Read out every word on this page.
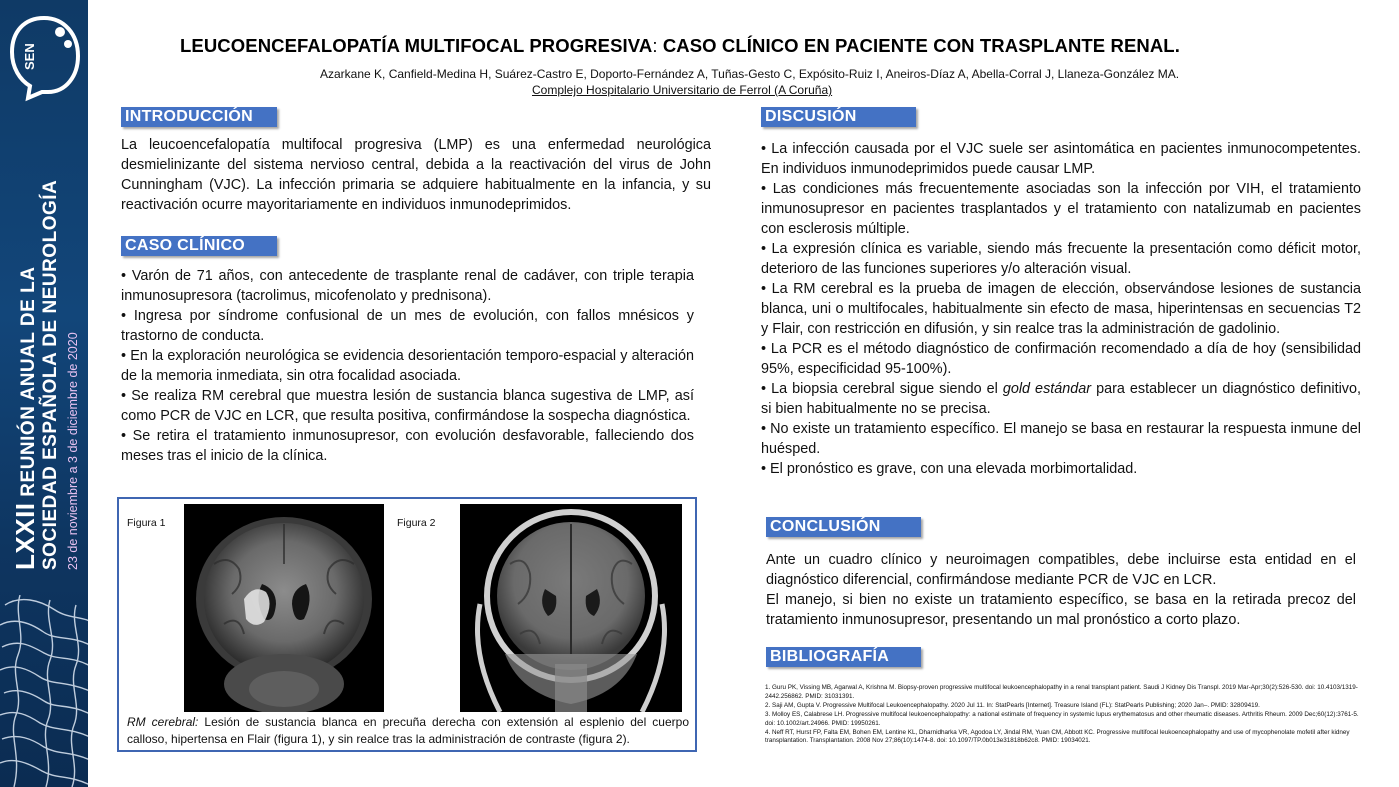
SEN
LXXII REUNIÓN ANUAL DE LA SOCIEDAD ESPAÑOLA DE NEUROLOGÍA 23 de noviembre a 3 de diciembre de 2020
LEUCOENCEFALOPATÍA MULTIFOCAL PROGRESIVA: CASO CLÍNICO EN PACIENTE CON TRASPLANTE RENAL.
Azarkane K, Canfield-Medina H, Suárez-Castro E, Doporto-Fernández A, Tuñas-Gesto C, Expósito-Ruiz I, Aneiros-Díaz A, Abella-Corral J, Llaneza-González MA.
Complejo Hospitalario Universitario de Ferrol (A Coruña)
INTRODUCCIÓN

La leucoencefalopatía multifocal progresiva (LMP) es una enfermedad neurológica desmielinizante del sistema nervioso central, debida a la reactivación del virus de John Cunningham (VJC). La infección primaria se adquiere habitualmente en la infancia, y su reactivación ocurre mayoritariamente en individuos inmunodeprimidos.

CASO CLÍNICO

• Varón de 71 años, con antecedente de trasplante renal de cadáver, con triple terapia inmunosupresora (tacrolimus, micofenolato y prednisona).

• Ingresa por síndrome confusional de un mes de evolución, con fallos mnésicos y trastorno de conducta.

• En la exploración neurológica se evidencia desorientación temporo-espacial y alteración de la memoria inmediata, sin otra focalidad asociada.

• Se realiza RM cerebral que muestra lesión de sustancia blanca sugestiva de LMP, así como PCR de VJC en LCR, que resulta positiva, confirmándose la sospecha diagnóstica.

• Se retira el tratamiento inmunosupresor, con evolución desfavorable, falleciendo dos meses tras el inicio de la clínica.

Figura 1	Figura 2
RM cerebral: Lesión de sustancia blanca en precuña derecha con extensión al esplenio del cuerpo calloso, hipertensa en Flair (figura 1), y sin realce tras la administración de contraste (figura 2).
DISCUSIÓN

• La infección causada por el VJC suele ser asintomática en pacientes inmunocompetentes. En individuos inmunodeprimidos puede causar LMP.

• Las condiciones más frecuentemente asociadas son la infección por VIH, el tratamiento inmunosupresor en pacientes trasplantados y el tratamiento con natalizumab en pacientes con esclerosis múltiple.

• La expresión clínica es variable, siendo más frecuente la presentación como déficit motor, deterioro de las funciones superiores y/o alteración visual.

• La RM cerebral es la prueba de imagen de elección, observándose lesiones de sustancia blanca, uni o multifocales, habitualmente sin efecto de masa, hiperintensas en secuencias T2 y Flair, con restricción en difusión, y sin realce tras la administración de gadolinio.

• La PCR es el método diagnóstico de confirmación recomendado a día de hoy (sensibilidad 95%, especificidad 95-100%).

• La biopsia cerebral sigue siendo el gold estándar para establecer un diagnóstico definitivo, si bien habitualmente no se precisa.

• No existe un tratamiento específico. El manejo se basa en restaurar la respuesta inmune del huésped.

• El pronóstico es grave, con una elevada morbimortalidad.

CONCLUSIÓN

Ante un cuadro clínico y neuroimagen compatibles, debe incluirse esta entidad en el diagnóstico diferencial, confirmándose mediante PCR de VJC en LCR.

El manejo, si bien no existe un tratamiento específico, se basa en la retirada precoz del tratamiento inmunosupresor, presentando un mal pronóstico a corto plazo.

BIBLIOGRAFÍA

1. Guru PK, Vissing MB, Agarwal A, Krishna M. Biopsy-proven progressive multifocal leukoencephalopathy in a renal transplant patient. Saudi J Kidney Dis Transpl. 2019 Mar-Apr;30(2):526-530. doi: 10.4103/1319-2442.256862. PMID: 31031391.

2. Saji AM, Gupta V. Progressive Multifocal Leukoencephalopathy. 2020 Jul 11. In: StatPearls [Internet]. Treasure Island (FL): StatPearls Publishing; 2020 Jan–. PMID: 32809419.

3. Molloy ES, Calabrese LH. Progressive multifocal leukoencephalopathy: a national estimate of frequency in systemic lupus erythematosus and other rheumatic diseases. Arthritis Rheum. 2009 Dec;60(12):3761-5. doi: 10.1002/art.24966. PMID: 19950261.

4. Neff RT, Hurst FP, Falta EM, Bohen EM, Lentine KL, Dharnidharka VR, Agodoa LY, Jindal RM, Yuan CM, Abbott KC. Progressive multifocal leukoencephalopathy and use of mycophenolate mofetil after kidney transplantation. Transplantation. 2008 Nov 27;86(10):1474-8. doi: 10.1097/TP.0b013e31818b62c8. PMID: 19034021.
